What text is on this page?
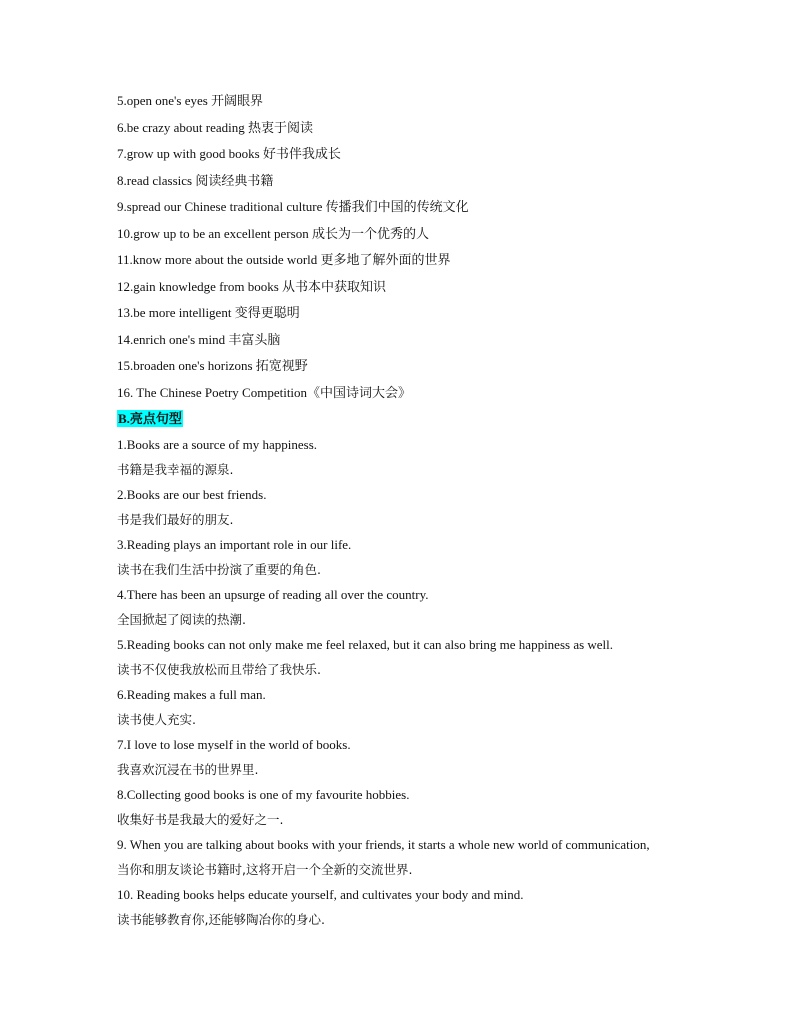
5.open one's eyes 开阔眼界
6.be crazy about reading 热衷于阅读
7.grow up with good books 好书伴我成长
8.read classics 阅读经典书籍
9.spread our Chinese traditional culture 传播我们中国的传统文化
10.grow up to be an excellent person 成长为一个优秀的人
11.know more about the outside world 更多地了解外面的世界
12.gain knowledge from books 从书本中获取知识
13.be more intelligent 变得更聪明
14.enrich one's mind 丰富头脑
15.broaden one's horizons 拓宽视野
16. The Chinese Poetry Competition《中国诗词大会》
B.亮点句型
1.Books are a source of my happiness.
书籍是我幸福的源泉.
2.Books are our best friends.
书是我们最好的朋友.
3.Reading plays an important role in our life.
读书在我们生活中扮演了重要的角色.
4.There has been an upsurge of reading all over the country.
全国掀起了阅读的热潮.
5.Reading books can not only make me feel relaxed, but it can also bring me happiness as well.
读书不仅使我放松而且带给了我快乐.
6.Reading makes a full man.
读书使人充实.
7.I love to lose myself in the world of books.
我喜欢沉浸在书的世界里.
8.Collecting good books is one of my favourite hobbies.
收集好书是我最大的爱好之一.
9. When you are talking about books with your friends, it starts a whole new world of communication,
当你和朋友谈论书籍时,这将开启一个全新的交流世界.
10. Reading books helps educate yourself, and cultivates your body and mind.
读书能够教育你,还能够陶冶你的身心.
